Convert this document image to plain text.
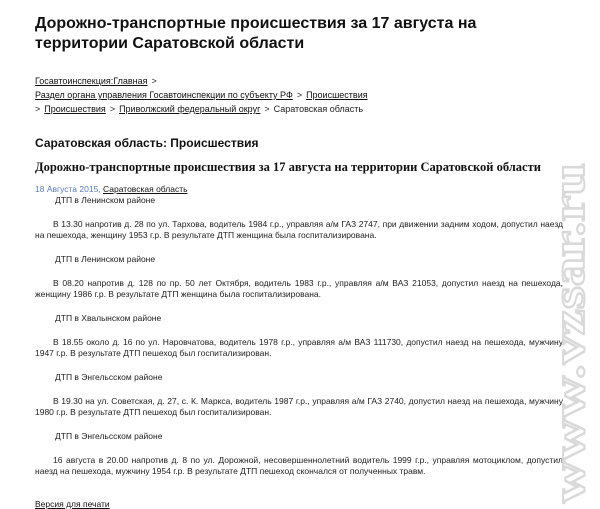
Дорожно-транспортные происшествия за 17 августа на территории Саратовской области
Госавтоинспекция:Главная >
Раздел органа управления Госавтоинспекции по субъекту РФ > Происшествия
> Происшествия > Приволжский федеральный округ > Саратовская область
Саратовская область: Происшествия
Дорожно-транспортные происшествия за 17 августа на территории Саратовской области
18 Августа 2015, Саратовская область

ДТП в Ленинском районе

В 13.30 напротив д. 28 по ул. Тархова, водитель 1984 г.р., управляя а/м ГАЗ 2747, при движении задним ходом, допустил наезд на пешехода, женщину 1953 г.р. В результате ДТП женщина была госпитализирована.

ДТП в Ленинском районе

В 08.20 напротив д. 128 по пр. 50 лет Октября, водитель 1983 г.р., управляя а/м ВАЗ 21053, допустил наезд на пешехода, женщину 1986 г.р. В результате ДТП женщина была госпитализирована.

ДТП в Хвалынском районе

В 18.55 около д. 16 по ул. Наровчатова, водитель 1978 г.р., управляя а/м ВАЗ 111730, допустил наезд на пешехода, мужчину 1947 г.р. В результате ДТП пешеход был госпитализирован.

ДТП в Энгельсском районе

В 19.30 на ул. Советская, д. 27, с. К. Маркса, водитель 1987 г.р., управляя а/м ГАЗ 2740, допустил наезд на пешехода, мужчину 1980 г.р. В результате ДТП пешеход был госпитализирован.

ДТП в Энгельсском районе

16 августа в 20.00 напротив д. 8 по ул. Дорожной, несовершеннолетний водитель 1999 г.р., управляя мотоциклом, допустил наезд на пешехода, мужчину 1954 г.р. В результате ДТП пешеход скончался от полученных травм.

Версия для печати
www.vzsar.ru
